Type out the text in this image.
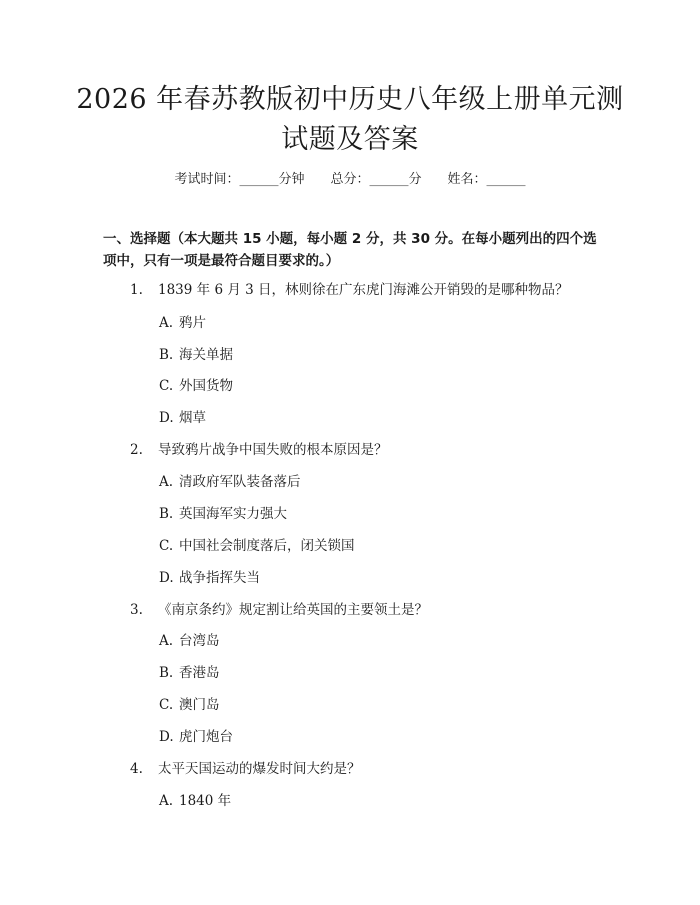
2026 年春苏教版初中历史八年级上册单元测
试题及答案
考试时间：______分钟 总分：______分 姓名：______
一、选择题（本大题共 15 小题，每小题 2 分，共 30 分。在每小题列出的四个选项中，只有一项是最符合题目要求的。）
1. 1839 年 6 月 3 日，林则徐在广东虎门海滩公开销毁的是哪种物品？
A. 鸦片
B. 海关单据
C. 外国货物
D. 烟草
2. 导致鸦片战争中国失败的根本原因是？
A. 清政府军队装备落后
B. 英国海军实力强大
C. 中国社会制度落后，闭关锁国
D. 战争指挥失当
3. 《南京条约》规定割让给英国的主要领土是？
A. 台湾岛
B. 香港岛
C. 澳门岛
D. 虎门炮台
4. 太平天国运动的爆发时间大约是？
A. 1840 年
